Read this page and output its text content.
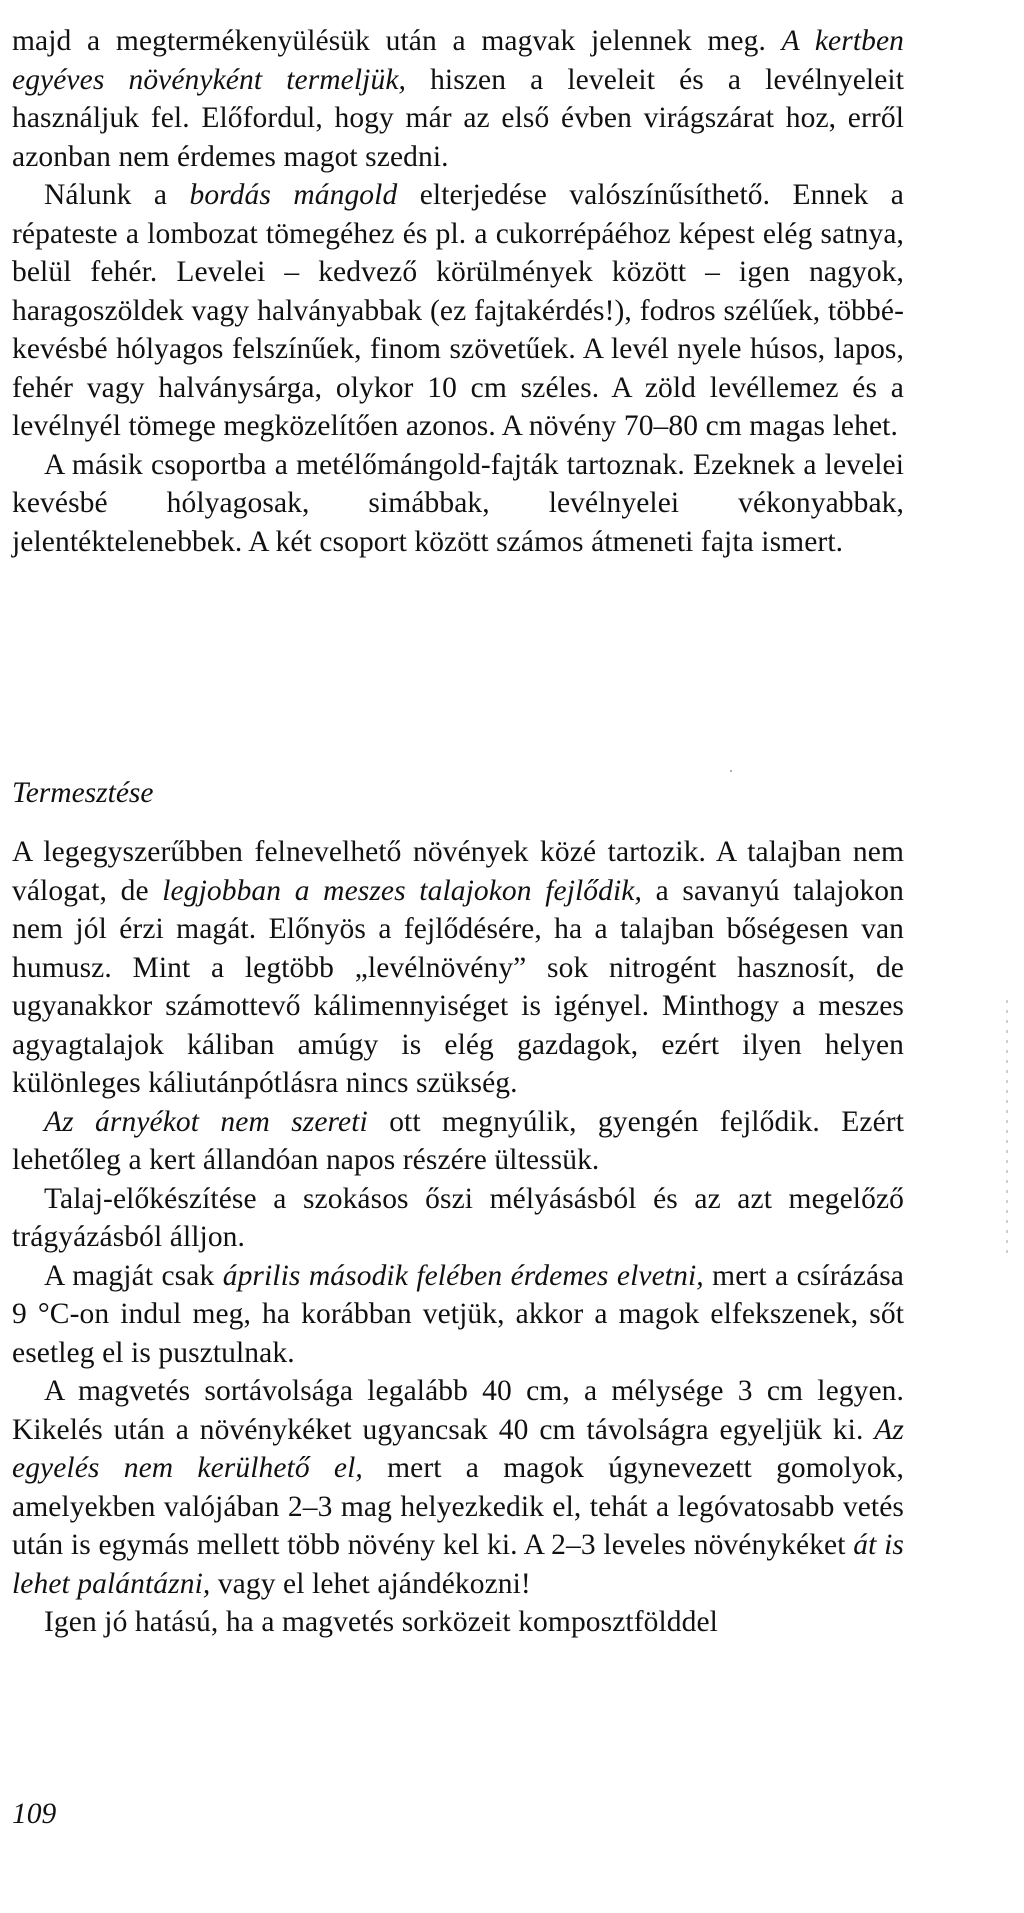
majd a megtermékenyülésük után a magvak jelennek meg. A kertben egyéves növényként termeljük, hiszen a leveleit és a levélnyeleit használjuk fel. Előfordul, hogy már az első évben virágszárat hoz, erről azonban nem érdemes magot szedni.

Nálunk a bordás mángold elterjedése valószínűsíthető. Ennek a répateste a lombozat tömegéhez és pl. a cukorrépáéhoz képest elég satnya, belül fehér. Levelei – kedvező körülmények között – igen nagyok, haragoszöldek vagy halványabbak (ez fajtakérdés!), fodros szélűek, többé-kevésbé hólyagos felszínűek, finom szövetűek. A levél nyele húsos, lapos, fehér vagy halványsárga, olykor 10 cm széles. A zöld levéllemez és a levélnyél tömege megközelítően azonos. A növény 70–80 cm magas lehet.

A másik csoportba a metélőmángold-fajták tartoznak. Ezeknek a levelei kevésbé hólyagosak, simábbak, levélnyelei vékonyabbak, jelentéktelenebbek. A két csoport között számos átmeneti fajta ismert.

Termesztése

A legegyszerűbben felnevelhető növények közé tartozik. A talajban nem válogat, de legjobban a meszes talajokon fejlődik, a savanyú talajokon nem jól érzi magát. Előnyös a fejlődésére, ha a talajban bőségesen van humusz. Mint a legtöbb „levélnövény” sok nitrogént hasznosít, de ugyanakkor számottevő kálimennyiséget is igényel. Minthogy a meszes agyagtalajok káliban amúgy is elég gazdagok, ezért ilyen helyen különleges káliutánpótlásra nincs szükség.

Az árnyékot nem szereti ott megnyúlik, gyengén fejlődik. Ezért lehetőleg a kert állandóan napos részére ültessük.

Talaj-előkészítése a szokásos őszi mélyásásból és az azt megelőző trágyázásból álljon.

A magját csak április második felében érdemes elvetni, mert a csírázása 9 °C-on indul meg, ha korábban vetjük, akkor a magok elfekszenek, sőt esetleg el is pusztulnak.

A magvetés sortávolsága legalább 40 cm, a mélysége 3 cm legyen. Kikelés után a növénykéket ugyancsak 40 cm távolságra egyeljük ki. Az egyelés nem kerülhető el, mert a magok úgynevezett gomolyok, amelyekben valójában 2–3 mag helyezkedik el, tehát a legóvatosabb vetés után is egymás mellett több növény kel ki. A 2–3 leveles növénykéket át is lehet palántázni, vagy el lehet ajándékozni!

Igen jó hatású, ha a magvetés sorközeit komposztfölddel

109
